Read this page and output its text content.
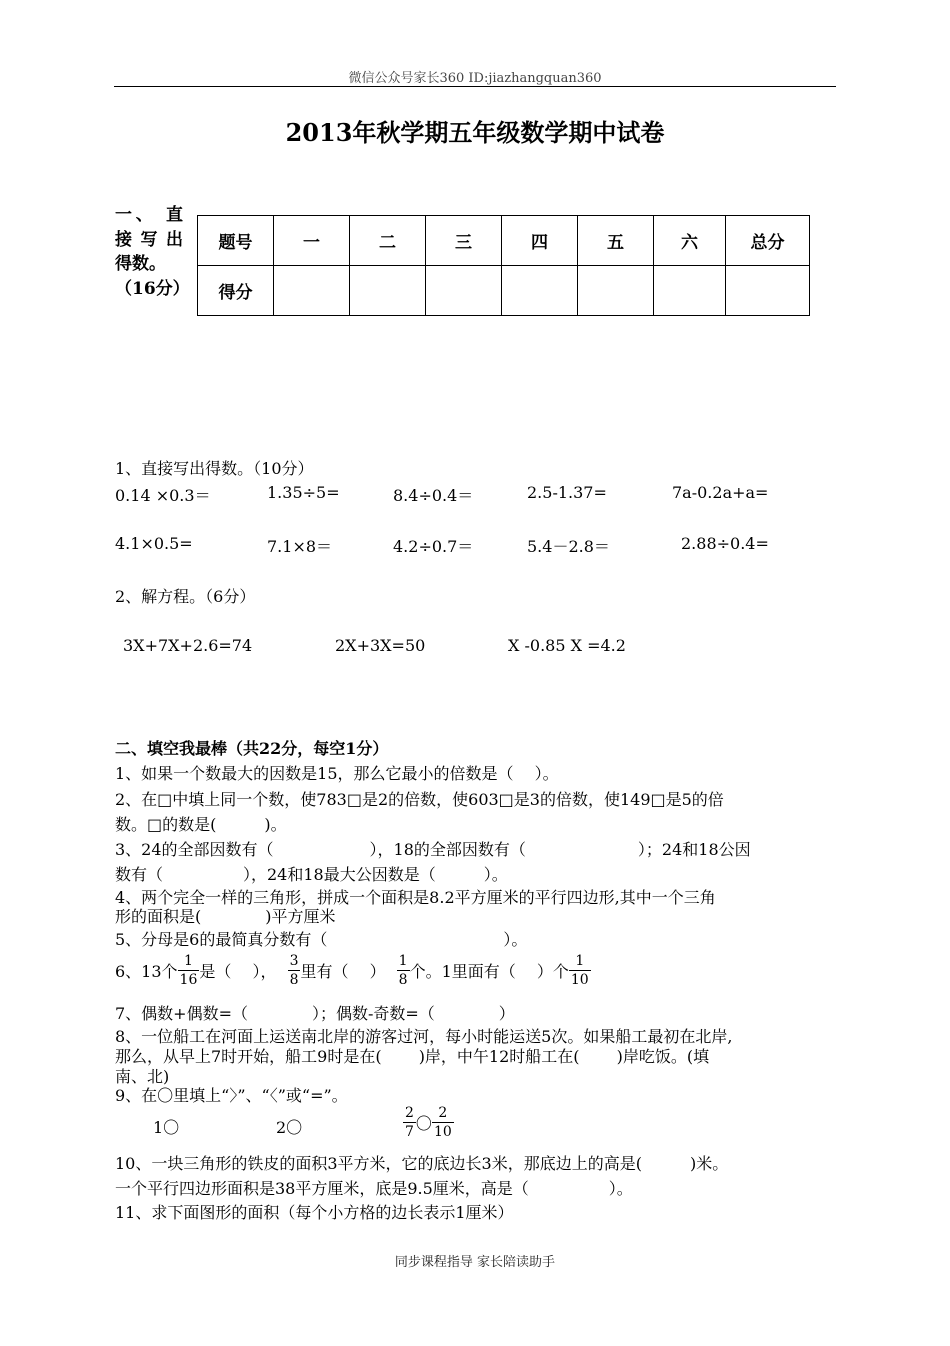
微信公众号家长360 ID:jiazhangquan360
2013年秋学期五年级数学期中试卷
一、 直
接 写 出
得数。
（16分）
题号	一	二	三	四	五	六	总分
得分							
1、直接写出得数。（10分）
0.14 ×0.3＝	1.35÷5=	8.4÷0.4＝	2.5-1.37=	7a-0.2a+a=
4.1×0.5=	7.1×8＝	4.2÷0.7＝	5.4－2.8＝	2.88÷0.4=
2、解方程。（6分）
3X+7X+2.6=74	2X+3X=50	X -0.85 X =4.2
二、填空我最棒（共22分，每空1分）
1、如果一个数最大的因数是15，那么它最小的倍数是（　 ）。
2、在□中填上同一个数，使783□是2的倍数，使603□是3的倍数，使149□是5的倍
数。□的数是(　　　)。
3、24的全部因数有（　　　　　　），18的全部因数有（　　　　　　　）；24和18公因
数有（　　　　　），24和18最大公因数是（　　　）。
4、两个完全一样的三角形，拼成一个面积是8.2平方厘米的平行四边形,其中一个三角
形的面积是(　　　　)平方厘米
5、分母是6的最简真分数有（　　　　　　　　　　　）。
6、13个 $\frac{1}{16}$ 是（　 ）， $\frac{3}{8}$ 里有（　 ） $\frac{1}{8}$ 个。1里面有（　 ）个 $\frac{1}{10}$
7、偶数+偶数=（　　　　）；偶数-奇数=（　　　　）
8、一位船工在河面上运送南北岸的游客过河，每小时能运送5次。如果船工最初在北岸,
那么，从早上7时开始，船工9时是在(　　 )岸，中午12时船工在(　　 )岸吃饭。(填
南、北)
9、在〇里填上“〉”、“〈”或“=”。
1〇	2〇	$\frac{2}{7}$ 〇 $\frac{2}{10}$
10、一块三角形的铁皮的面积3平方米，它的底边长3米，那底边上的高是(　　　)米。
一个平行四边形面积是38平方厘米，底是9.5厘米，高是（　　　　　）。
11、求下面图形的面积（每个小方格的边长表示1厘米）
同步课程指导 家长陪读助手
